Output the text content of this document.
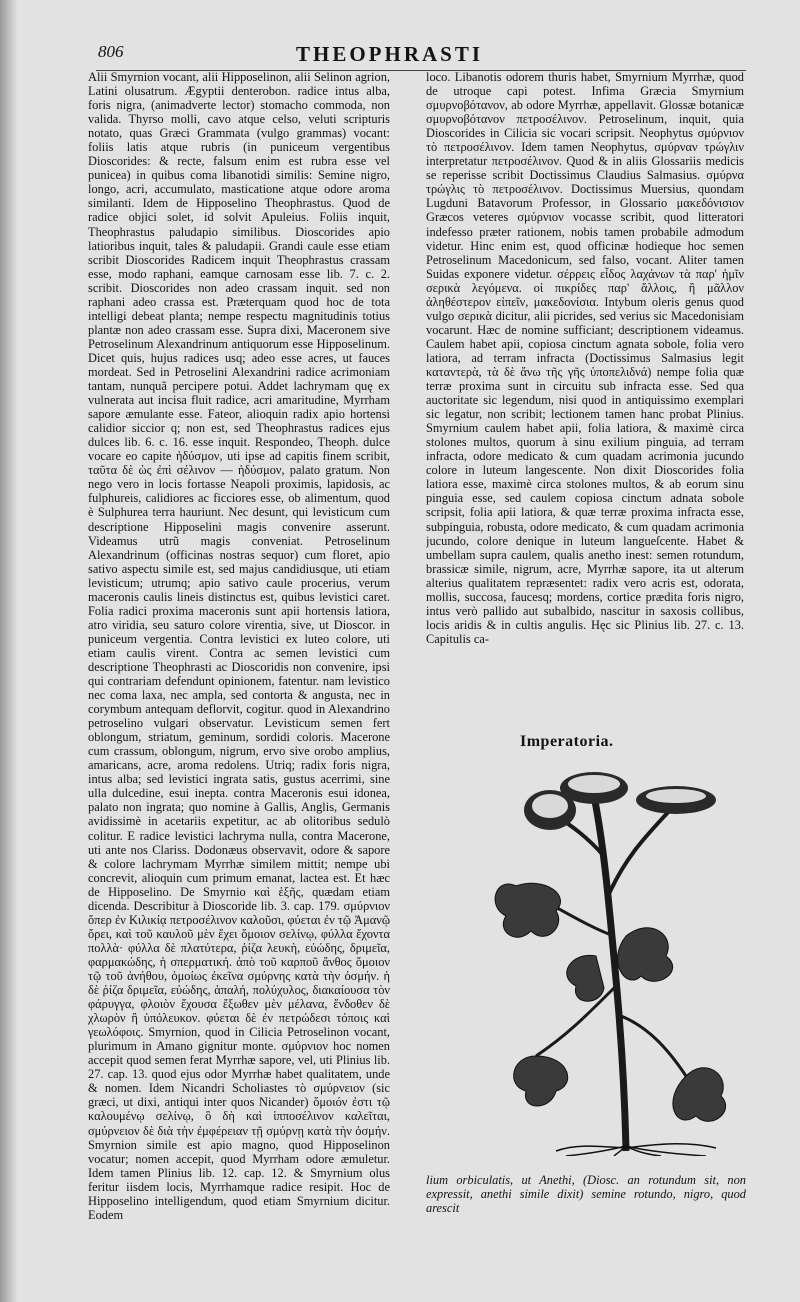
806	THEOPHRASTI

Alii Smyrnion vocant, alii Hipposelinon, alii Selinon agrion, Latini olusatrum. Ægyptii denterobon. radice intus alba, foris nigra, (animadverte lector) stomacho commoda, non valida. Thyrso molli, cavo atque celso, veluti scripturis notato, quas Græci Grammata (vulgo grammas) vocant: foliis latis atque rubris (in puniceum vergentibus Dioscorides: & recte, falsum enim est rubra esse vel punicea) in quibus coma libanotidi similis: Semine nigro, longo, acri, accumulato, masticatione atque odore aroma similanti. Idem de Hipposelino Theophrastus. Quod de radice objici solet, id solvit Apuleius. Foliis inquit, Theophrastus paludapio similibus. Dioscorides apio latioribus inquit, tales & paludapii. Grandi caule esse etiam scribit Dioscorides Radicem inquit Theophrastus crassam esse, modo raphani, eamque carnosam esse lib. 7. c. 2. scribit. Dioscorides non adeo crassam inquit. sed non raphani adeo crassa est. Præterquam quod hoc de tota intelligi debeat planta; nempe respectu magnitudinis totius plantæ non adeo crassam esse. Supra dixi, Maceronem sive Petroselinum Alexandrinum antiquorum esse Hipposelinum. Dicet quis, hujus radices usq; adeo esse acres, ut fauces mordeat. Sed in Petroselini Alexandrini radice acrimoniam tantam, nunquã percipere potui. Addet lachrymam quę ex vulnerata aut incisa fluit radice, acri amaritudine, Myrrham sapore æmulante esse. Fateor, alioquin radix apio hortensi calidior siccior q; non est, sed Theophrastus radices ejus dulces lib. 6. c. 16. esse inquit. Respondeo, Theoph. dulce vocare eo capite ἡδύσμον, uti ipse ad capitis finem scribit, ταῦτα δὲ ὡς ἐπὶ σέλινον — ἡδύσμον, palato gratum. Non nego vero in locis fortasse Neapoli proximis, lapidosis, ac fulphureis, calidiores ac ficciores esse, ob alimentum, quod è Sulphurea terra hauriunt. Nec desunt, qui levisticum cum descriptione Hipposelini magis convenire asserunt. Videamus utrũ magis conveniat. Petroselinum Alexandrinum (officinas nostras sequor) cum floret, apio sativo aspectu simile est, sed majus candidiusque, uti etiam levisticum; utrumq; apio sativo caule procerius, verum maceronis caulis lineis distinctus est, quibus levistici caret. Folia radici proxima maceronis sunt apii hortensis latiora, atro viridia, seu saturo colore virentia, sive, ut Dioscor. in puniceum vergentia. Contra levistici ex luteo colore, uti etiam caulis virent. Contra ac semen levistici cum descriptione Theophrasti ac Dioscoridis non convenire, ipsi qui contrariam defendunt opinionem, fatentur. nam levistico nec coma laxa, nec ampla, sed contorta & angusta, nec in corymbum antequam deflorvit, cogitur. quod in Alexandrino petroselino vulgari observatur. Levisticum semen fert oblongum, striatum, geminum, sordidi coloris. Macerone cum crassum, oblongum, nigrum, ervo sive orobo amplius, amaricans, acre, aroma redolens. Utriq; radix foris nigra, intus alba; sed levistici ingrata satis, gustus acerrimi, sine ulla dulcedine, esui inepta. contra Maceronis esui idonea, palato non ingrata; quo nomine à Gallis, Anglis, Germanis avidissimè in acetariis expetitur, ac ab olitoribus sedulò colitur. E radice levistici lachryma nulla, contra Macerone, uti ante nos Clariss. Dodonæus observavit, odore & sapore & colore lachrymam Myrrhæ similem mittit; nempe ubi concrevit, alioquin cum primum emanat, lactea est. Et hæc de Hipposelino. De Smyrnio καὶ ἑξῆς, quædam etiam dicenda. Describitur à Dioscoride lib. 3. cap. 179. σμύρνιον ὅπερ ἐν Κιλικίᾳ πετροσέλινον καλοῦσι, φύεται ἐν τῷ Ἀμανῷ ὄρει, καὶ τοῦ καυλοῦ μὲν ἔχει ὅμοιον σελίνῳ, φύλλα ἔχοντα πολλὰ· φύλλα δὲ πλατύτερα, ῥίζα λευκὴ, εὐώδης, δριμεῖα, φαρμακώδης, ἡ σπερματική. ἀπὸ τοῦ καρποῦ ἄνθος ὅμοιον τῷ τοῦ ἀνήθου, ὁμοίως ἐκεῖνα σμύρνης κατὰ τὴν ὀσμήν. ἡ δὲ ῥίζα δριμεῖα, εὐώδης, ἁπαλή, πολύχυλος, διακαίουσα τὸν φάρυγγα, φλοιὸν ἔχουσα ἔξωθεν μὲν μέλανα, ἔνδοθεν δὲ χλωρὸν ἢ ὑπόλευκον. φύεται δὲ ἐν πετρώδεσι τόποις καὶ γεωλόφοις. Smyrnion, quod in Cilicia Petroselinon vocant, plurimum in Amano gignitur monte. σμύρνιον hoc nomen accepit quod semen ferat Myrrhæ sapore, vel, uti Plinius lib. 27. cap. 13. quod ejus odor Myrrhæ habet qualitatem, unde & nomen. Idem Nicandri Scholiastes τὸ σμύρνειον (sic græci, ut dixi, antiqui inter quos Nicander) ὅμοιόν ἐστι τῷ καλουμένῳ σελίνῳ, ὃ δὴ καὶ ἱπποσέλινον καλεῖται, σμύρνειον δὲ διὰ τὴν ἐμφέρειαν τῇ σμύρνῃ κατὰ τὴν ὀσμήν. Smyrnion simile est apio magno, quod Hipposelinon vocatur; nomen accepit, quod Myrrham odore æmuletur. Idem tamen Plinius lib. 12. cap. 12. & Smyrnium olus feritur iisdem locis, Myrrhamque radice resipit. Hoc de Hipposelino intelligendum, quod etiam Smyrnium dicitur. Eodem

loco. Libanotis odorem thuris habet, Smyrnium Myrrhæ, quod de utroque capi potest. Infima Græcia Smyrnium σμυρνοβότανον, ab odore Myrrhæ, appellavit. Glossæ botanicæ σμυρνοβότανον πετροσέλινον. Petroselinum, inquit, quia Dioscorides in Cilicia sic vocari scripsit. Neophytus σμύρνιον τὸ πετροσέλινον. Idem tamen Neophytus, σμύρναν τρώγλιν interpretatur πετροσέλινον. Quod & in aliis Glossariis medicis se reperisse scribit Doctissimus Claudius Salmasius. σμύρνα τρώγλις τὸ πετροσέλινον. Doctissimus Muersius, quondam Lugduni Batavorum Professor, in Glossario μακεδόνισιον Græcos veteres σμύρνιον vocasse scribit, quod litteratori indefesso præter rationem, nobis tamen probabile admodum videtur. Hinc enim est, quod officinæ hodieque hoc semen Petroselinum Macedonicum, sed falso, vocant. Aliter tamen Suidas exponere videtur. σέρρεις εἶδος λαχάνων τὰ παρ' ἡμῖν σερικὰ λεγόμενα. οἱ πικρίδες παρ' ἄλλοις, ἢ μᾶλλον ἀληθέστερον εἰπεῖν, μακεδονίσια. Intybum oleris genus quod vulgo σερικὰ dicitur, alii picrides, sed verius sic Macedonisiam vocarunt. Hæc de nomine sufficiant; descriptionem videamus. Caulem habet apii, copiosa cinctum agnata sobole, folia vero latiora, ad terram infracta (Doctissimus Salmasius legit καταντερὰ, τὰ δὲ ἄνω τῆς γῆς ὑποπελιδνά) nempe folia quæ terræ proxima sunt in circuitu sub infracta esse. Sed qua auctoritate sic legendum, nisi quod in antiquissimo exemplari sic legatur, non scribit; lectionem tamen hanc probat Plinius. Smyrnium caulem habet apii, folia latiora, & maximè circa stolones multos, quorum à sinu exilium pinguia, ad terram infracta, odore medicato & cum quadam acrimonia jucundo colore in luteum langescente. Non dixit Dioscorides folia latiora esse, maximè circa stolones multos, & ab eorum sinu pinguia esse, sed caulem copiosa cinctum adnata sobole scripsit, folia apii latiora, & quæ terræ proxima infracta esse, subpinguia, robusta, odore medicato, & cum quadam acrimonia jucundo, colore denique in luteum langueſcente. Habet & umbellam supra caulem, qualis anetho inest: semen rotundum, brassicæ simile, nigrum, acre, Myrrhæ sapore, ita ut alterum alterius qualitatem repræsentet: radix vero acris est, odorata, mollis, succosa, faucesq; mordens, cortice prædita foris nigro, intus verò pallido aut subalbido, nascitur in saxosis collibus, locis aridis & in cultis angulis. Hęc sic Plinius lib. 27. c. 13. Capitulis ca-

Imperatoria.

lium orbiculatis, ut Anethi, (Diosc. an rotundum sit, non expressit, anethi simile dixit) semine rotundo, nigro, quod arescit
